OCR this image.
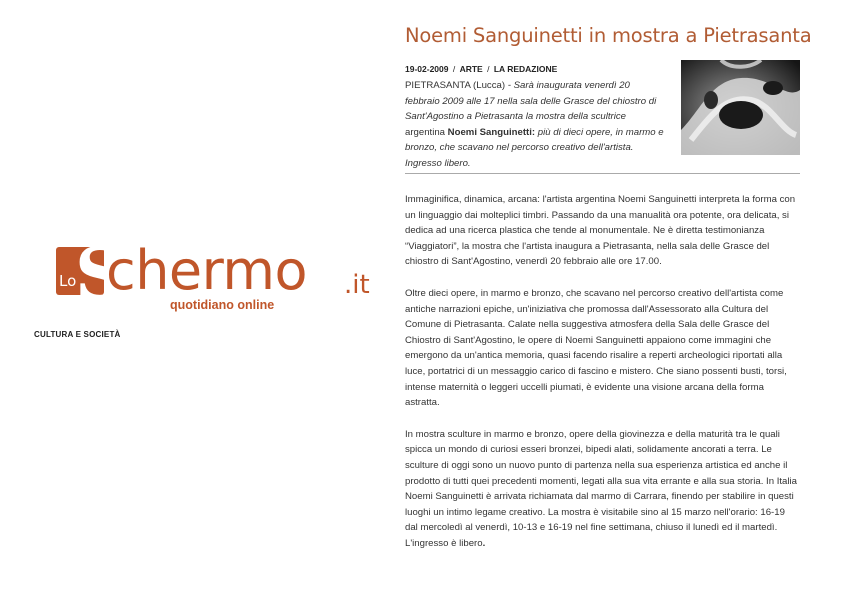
Lo
S
chermo .it
quotidiano online
CULTURA E SOCIETÀ
Noemi Sanguinetti in mostra a Pietrasanta
19-02-2009 / ARTE / LA REDAZIONE

PIETRASANTA (Lucca) - Sarà inaugurata venerdì 20 febbraio 2009 alle 17 nella sala delle Grasce del chiostro di Sant'Agostino a Pietrasanta la mostra della scultrice argentina Noemi Sanguinetti: più di dieci opere, in marmo e bronzo, che scavano nel percorso creativo dell'artista. Ingresso libero.

Immaginifica, dinamica, arcana: l'artista argentina Noemi Sanguinetti interpreta la forma con un linguaggio dai molteplici timbri. Passando da una manualità ora potente, ora delicata, si dedica ad una ricerca plastica che tende al monumentale. Ne è diretta testimonianza “Viaggiatori”, la mostra che l'artista inaugura a Pietrasanta, nella sala delle Grasce del chiostro di Sant'Agostino, venerdì 20 febbraio alle ore 17.00.

Oltre dieci opere, in marmo e bronzo, che scavano nel percorso creativo dell'artista come antiche narrazioni epiche, un'iniziativa che promossa dall'Assessorato alla Cultura del Comune di Pietrasanta. Calate nella suggestiva atmosfera della Sala delle Grasce del Chiostro di Sant'Agostino, le opere di Noemi Sanguinetti appaiono come immagini che emergono da un'antica memoria, quasi facendo risalire a reperti archeologici riportati alla luce, portatrici di un messaggio carico di fascino e mistero. Che siano possenti busti, torsi, intense maternità o leggeri uccelli piumati, è evidente una visione arcana della forma astratta.

In mostra sculture in marmo e bronzo, opere della giovinezza e della maturità tra le quali spicca un mondo di curiosi esseri bronzei, bipedi alati, solidamente ancorati a terra. Le sculture di oggi sono un nuovo punto di partenza nella sua esperienza artistica ed anche il prodotto di tutti quei precedenti momenti, legati alla sua vita errante e alla sua storia. In Italia Noemi Sanguinetti è arrivata richiamata dal marmo di Carrara, finendo per stabilire in questi luoghi un intimo legame creativo. La mostra è visitabile sino al 15 marzo nell'orario: 16-19 dal mercoledì al venerdì, 10-13 e 16-19 nel fine settimana, chiuso il lunedì ed il martedì. L'ingresso è libero.
